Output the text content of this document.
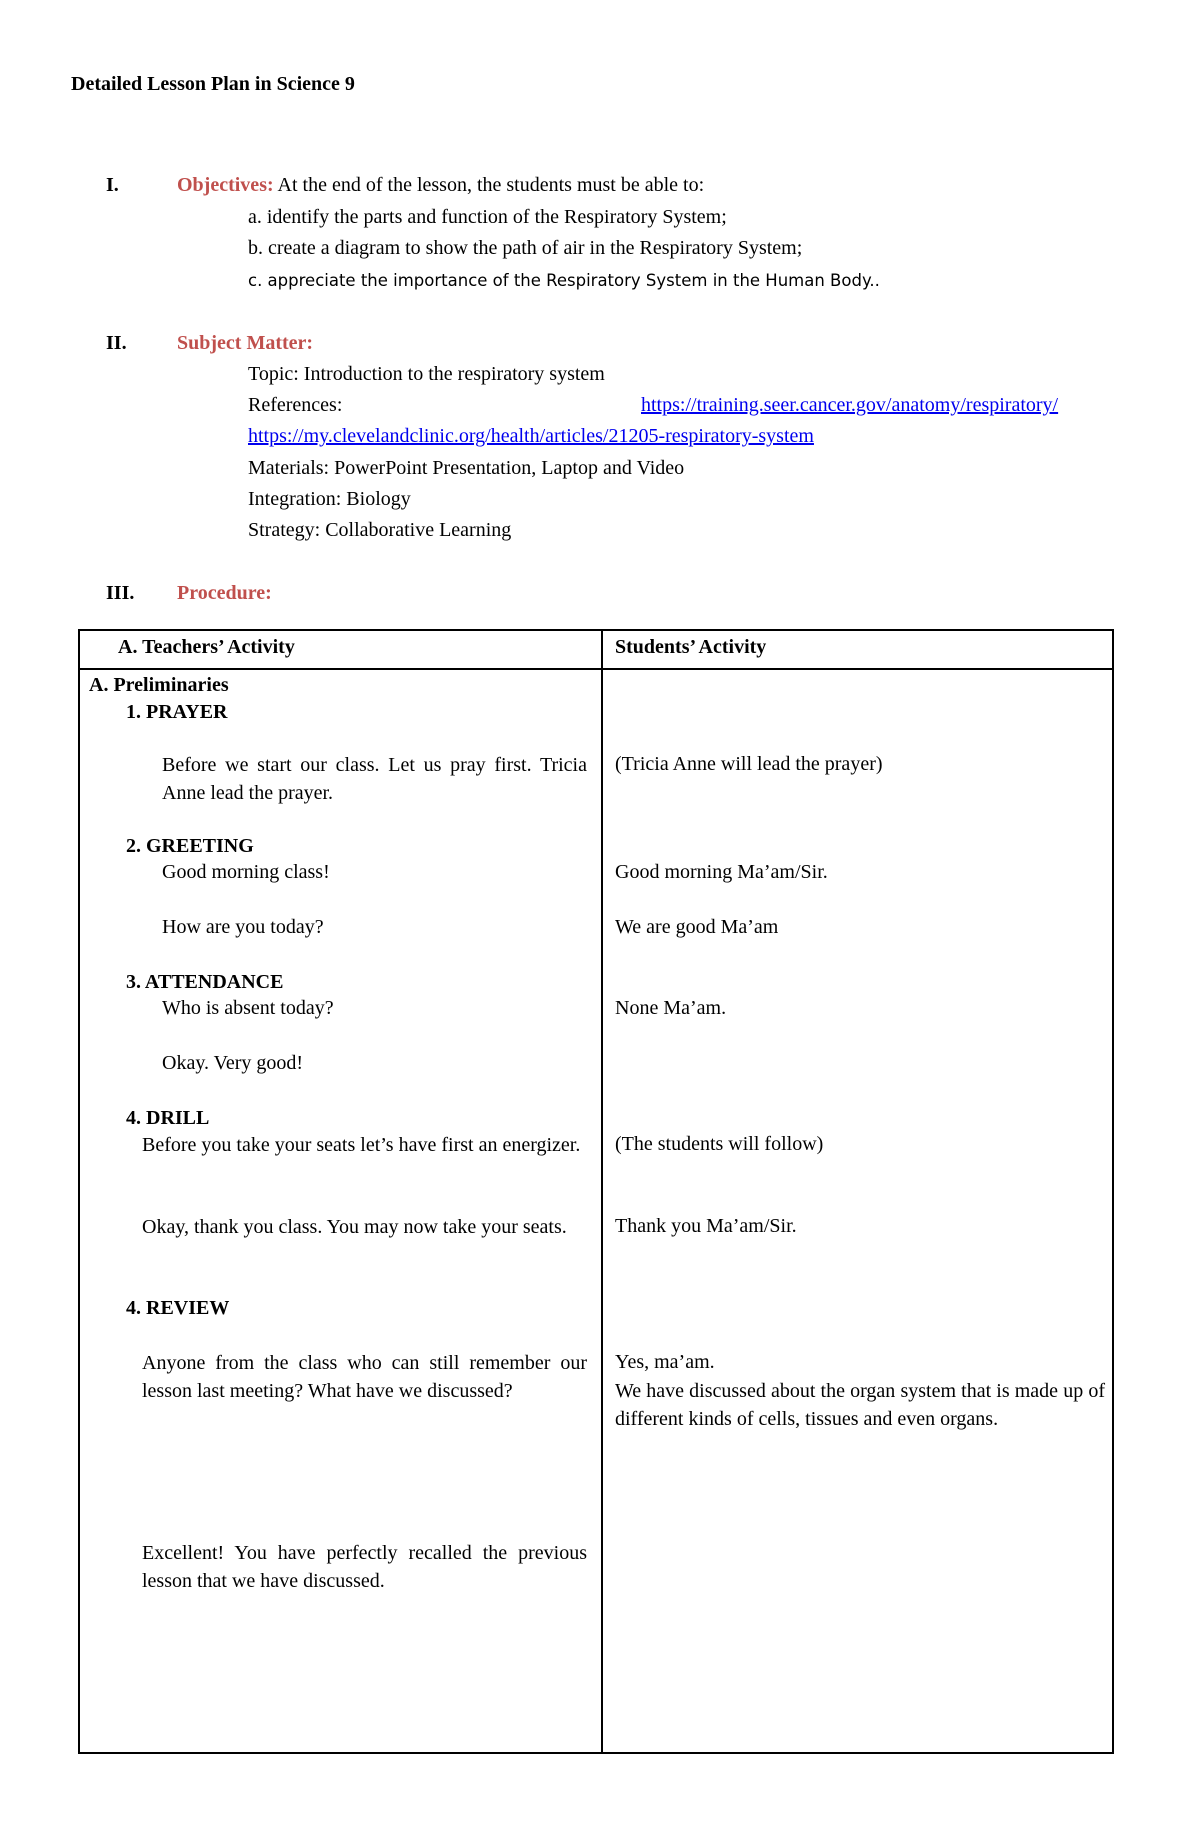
Detailed Lesson Plan in Science 9
I.	Objectives: At the end of the lesson, the students must be able to:
a. identify the parts and function of the Respiratory System;
b. create a diagram to show the path of air in the Respiratory System;
c. appreciate the importance of the Respiratory System in the Human Body..
II.	Subject Matter:
Topic: Introduction to the respiratory system
References:	https://training.seer.cancer.gov/anatomy/respiratory/
https://my.clevelandclinic.org/health/articles/21205-respiratory-system
Materials: PowerPoint Presentation, Laptop and Video
Integration: Biology
Strategy: Collaborative Learning
III. Procedure:
A. Teachers’ Activity	Students’ Activity
A. Preliminaries
1. PRAYER
Before we start our class. Let us pray first. Tricia Anne lead the prayer.
(Tricia Anne will lead the prayer)
2. GREETING
Good morning class!	Good morning Ma’am/Sir.
How are you today?	We are good Ma’am
3. ATTENDANCE
Who is absent today?	None Ma’am.
Okay. Very good!
4. DRILL
Before you take your seats let’s have first an energizer.	(The students will follow)
Okay, thank you class. You may now take your seats.	Thank you Ma’am/Sir.
4. REVIEW
Anyone from the class who can still remember our lesson last meeting? What have we discussed?
Yes, ma’am.
We have discussed about the organ system that is made up of different kinds of cells, tissues and even organs.
Excellent! You have perfectly recalled the previous lesson that we have discussed.
